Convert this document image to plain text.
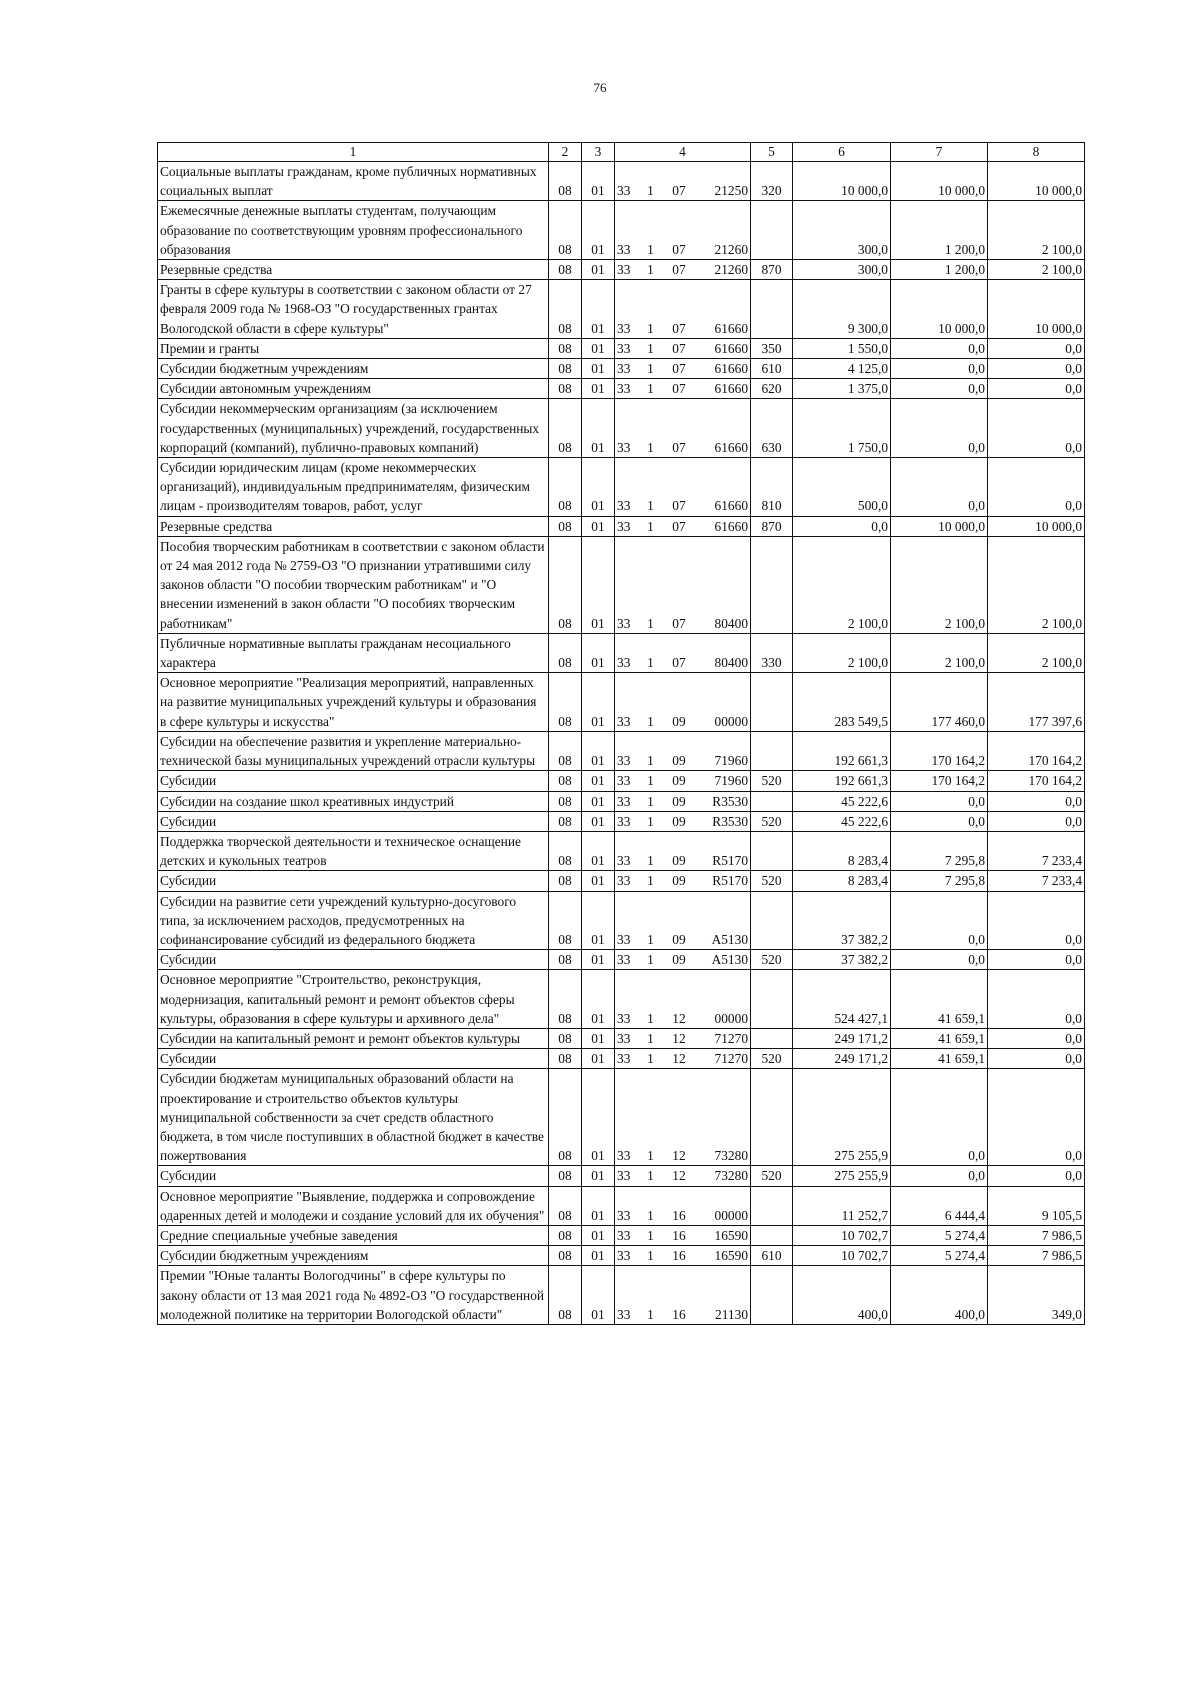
76
1	2	3	4				5	6	7	8
Социальные выплаты гражданам, кроме публичных нормативных социальных выплат	08	01	33	1	07	21250	320	10 000,0	10 000,0	10 000,0
Ежемесячные денежные выплаты студентам, получающим образование по соответствующим уровням профессионального образования	08	01	33	1	07	21260		300,0	1 200,0	2 100,0
Резервные средства	08	01	33	1	07	21260	870	300,0	1 200,0	2 100,0
Гранты в сфере культуры в соответствии с законом области от 27 февраля 2009 года № 1968-ОЗ "О государственных грантах Вологодской области в сфере культуры"	08	01	33	1	07	61660		9 300,0	10 000,0	10 000,0
Премии и гранты	08	01	33	1	07	61660	350	1 550,0	0,0	0,0
Субсидии бюджетным учреждениям	08	01	33	1	07	61660	610	4 125,0	0,0	0,0
Субсидии автономным учреждениям	08	01	33	1	07	61660	620	1 375,0	0,0	0,0
Субсидии некоммерческим организациям (за исключением государственных (муниципальных) учреждений, государственных корпораций (компаний), публично-правовых компаний)	08	01	33	1	07	61660	630	1 750,0	0,0	0,0
Субсидии юридическим лицам (кроме некоммерческих организаций), индивидуальным предпринимателям, физическим лицам - производителям товаров, работ, услуг	08	01	33	1	07	61660	810	500,0	0,0	0,0
Резервные средства	08	01	33	1	07	61660	870	0,0	10 000,0	10 000,0
Пособия творческим работникам в соответствии с законом области от 24 мая 2012 года № 2759-ОЗ "О признании утратившими силу законов области "О пособии творческим работникам" и "О внесении изменений в закон области "О пособиях творческим работникам"	08	01	33	1	07	80400		2 100,0	2 100,0	2 100,0
Публичные нормативные выплаты гражданам несоциального характера	08	01	33	1	07	80400	330	2 100,0	2 100,0	2 100,0
Основное мероприятие "Реализация мероприятий, направленных на развитие муниципальных учреждений культуры и образования в сфере культуры и искусства"	08	01	33	1	09	00000		283 549,5	177 460,0	177 397,6
Субсидии на обеспечение развития и укрепление материально-технической базы муниципальных учреждений отрасли культуры	08	01	33	1	09	71960		192 661,3	170 164,2	170 164,2
Субсидии	08	01	33	1	09	71960	520	192 661,3	170 164,2	170 164,2
Субсидии на создание школ креативных индустрий	08	01	33	1	09	R3530		45 222,6	0,0	0,0
Субсидии	08	01	33	1	09	R3530	520	45 222,6	0,0	0,0
Поддержка творческой деятельности и техническое оснащение детских и кукольных театров	08	01	33	1	09	R5170		8 283,4	7 295,8	7 233,4
Субсидии	08	01	33	1	09	R5170	520	8 283,4	7 295,8	7 233,4
Субсидии на развитие сети учреждений культурно-досугового типа, за исключением расходов, предусмотренных на софинансирование субсидий из федерального бюджета	08	01	33	1	09	A5130		37 382,2	0,0	0,0
Субсидии	08	01	33	1	09	A5130	520	37 382,2	0,0	0,0
Основное мероприятие "Строительство, реконструкция, модернизация, капитальный ремонт и ремонт объектов сферы культуры, образования в сфере культуры и архивного дела"	08	01	33	1	12	00000		524 427,1	41 659,1	0,0
Субсидии на капитальный ремонт и ремонт объектов культуры	08	01	33	1	12	71270		249 171,2	41 659,1	0,0
Субсидии	08	01	33	1	12	71270	520	249 171,2	41 659,1	0,0
Субсидии бюджетам муниципальных образований области на проектирование и строительство объектов культуры муниципальной собственности за счет средств областного бюджета, в том числе поступивших в областной бюджет в качестве пожертвования	08	01	33	1	12	73280		275 255,9	0,0	0,0
Субсидии	08	01	33	1	12	73280	520	275 255,9	0,0	0,0
Основное мероприятие "Выявление, поддержка и сопровождение одаренных детей и молодежи и создание условий для их обучения"	08	01	33	1	16	00000		11 252,7	6 444,4	9 105,5
Средние специальные учебные заведения	08	01	33	1	16	16590		10 702,7	5 274,4	7 986,5
Субсидии бюджетным учреждениям	08	01	33	1	16	16590	610	10 702,7	5 274,4	7 986,5
Премии "Юные таланты Вологодчины" в сфере культуры по закону области от 13 мая 2021 года № 4892-ОЗ "О государственной молодежной политике на территории Вологодской области"	08	01	33	1	16	21130		400,0	400,0	349,0
